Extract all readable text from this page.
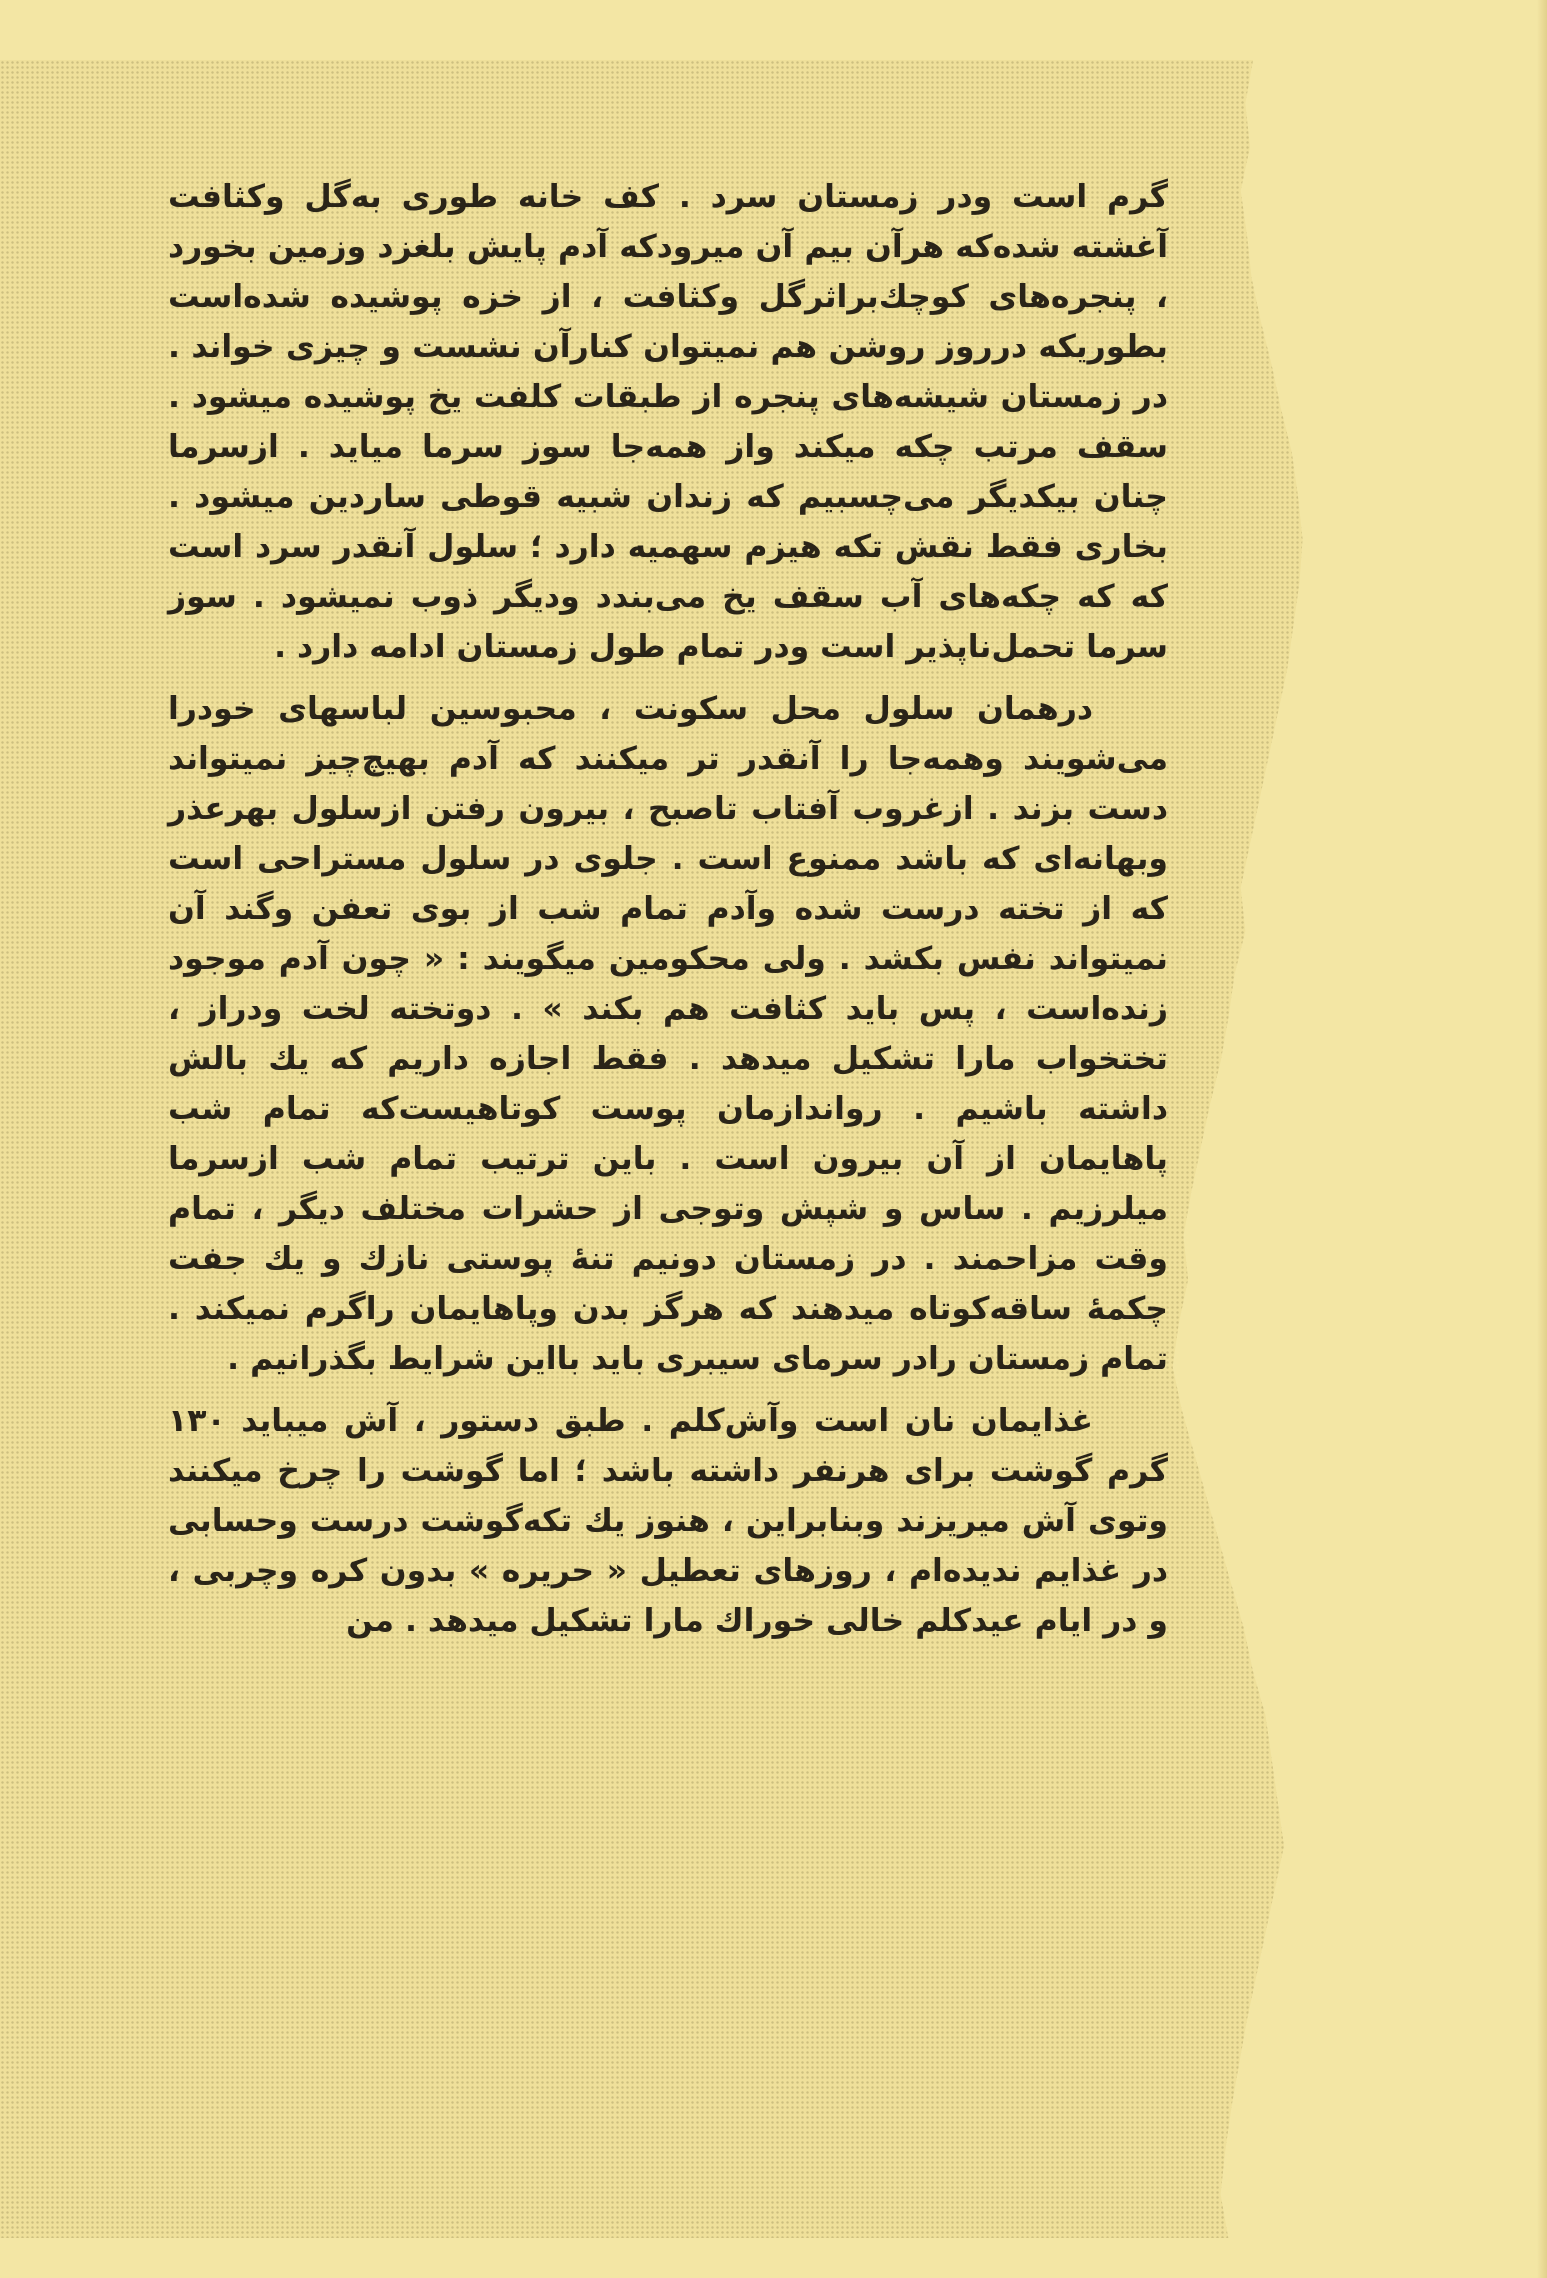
گرم است ودر زمستان سرد . کف خانه طوری به‌گل وکثافت آغشته شده‌که هرآن بیم آن میرودکه آدم پایش بلغزد وزمین بخورد ، پنجره‌های کوچك‌براثرگل وکثافت ، از خزه پوشیده شده‌است بطوریکه درروز روشن هم نمیتوان کنارآن نشست و چیزی خواند . در زمستان شیشه‌های پنجره از طبقات کلفت یخ پوشیده میشود . سقف مرتب چکه میکند واز همه‌جا سوز سرما میاید . ازسرما چنان بیکدیگر می‌چسبیم که زندان شبیه قوطی ساردین میشود . بخاری فقط نقش تکه هیزم سهمیه دارد ؛ سلول آنقدر سرد است که که چکه‌های آب سقف یخ می‌بندد ودیگر ذوب نمیشود . سوز سرما تحمل‌ناپذیر است ودر تمام طول زمستان ادامه دارد .

درهمان سلول محل سکونت ، محبوسین لباسهای خودرا می‌شویند وهمه‌جا را آنقدر تر میکنند که آدم بهیچ‌چیز نمیتواند دست بزند . ازغروب آفتاب تاصبح ، بیرون رفتن ازسلول بهرعذر وبهانه‌ای که باشد ممنوع است . جلوی در سلول مستراحی است که از تخته درست شده وآدم تمام شب از بوی تعفن وگند آن نمیتواند نفس بکشد . ولی محکومین میگویند : « چون آدم موجود زنده‌است ، پس باید کثافت هم بکند » . دوتخته لخت ودراز ، تختخواب مارا تشکیل میدهد . فقط اجازه داریم که یك بالش داشته باشیم . روانداز‌مان پوست کوتاهیست‌که تمام شب پاهایمان از آن بیرون است . باین ترتیب تمام شب ازسرما میلرزیم . ساس و شپش وتوجی از حشرات مختلف دیگر ، تمام وقت مزاحمند . در زمستان دونیم تنهٔ پوستی نازك و یك جفت چکمهٔ ساقه‌کوتاه میدهند که هرگز بدن وپاهایمان راگرم نمیکند . تمام زمستان رادر سرمای سیبری باید بااین شرایط بگذرانیم .

غذایمان نان است وآش‌کلم . طبق دستور ، آش میباید ۱۳۰ گرم گوشت برای هرنفر داشته باشد ؛ اما گوشت را چرخ میکنند وتوی آش میریزند وبنابراین ، هنوز یك تکه‌گوشت درست وحسابی در غذایم ندیده‌ام ، روزهای تعطیل « حریره » بدون کره وچربی ، و در ایام عیدکلم خالی خوراك مارا تشکیل میدهد . من
